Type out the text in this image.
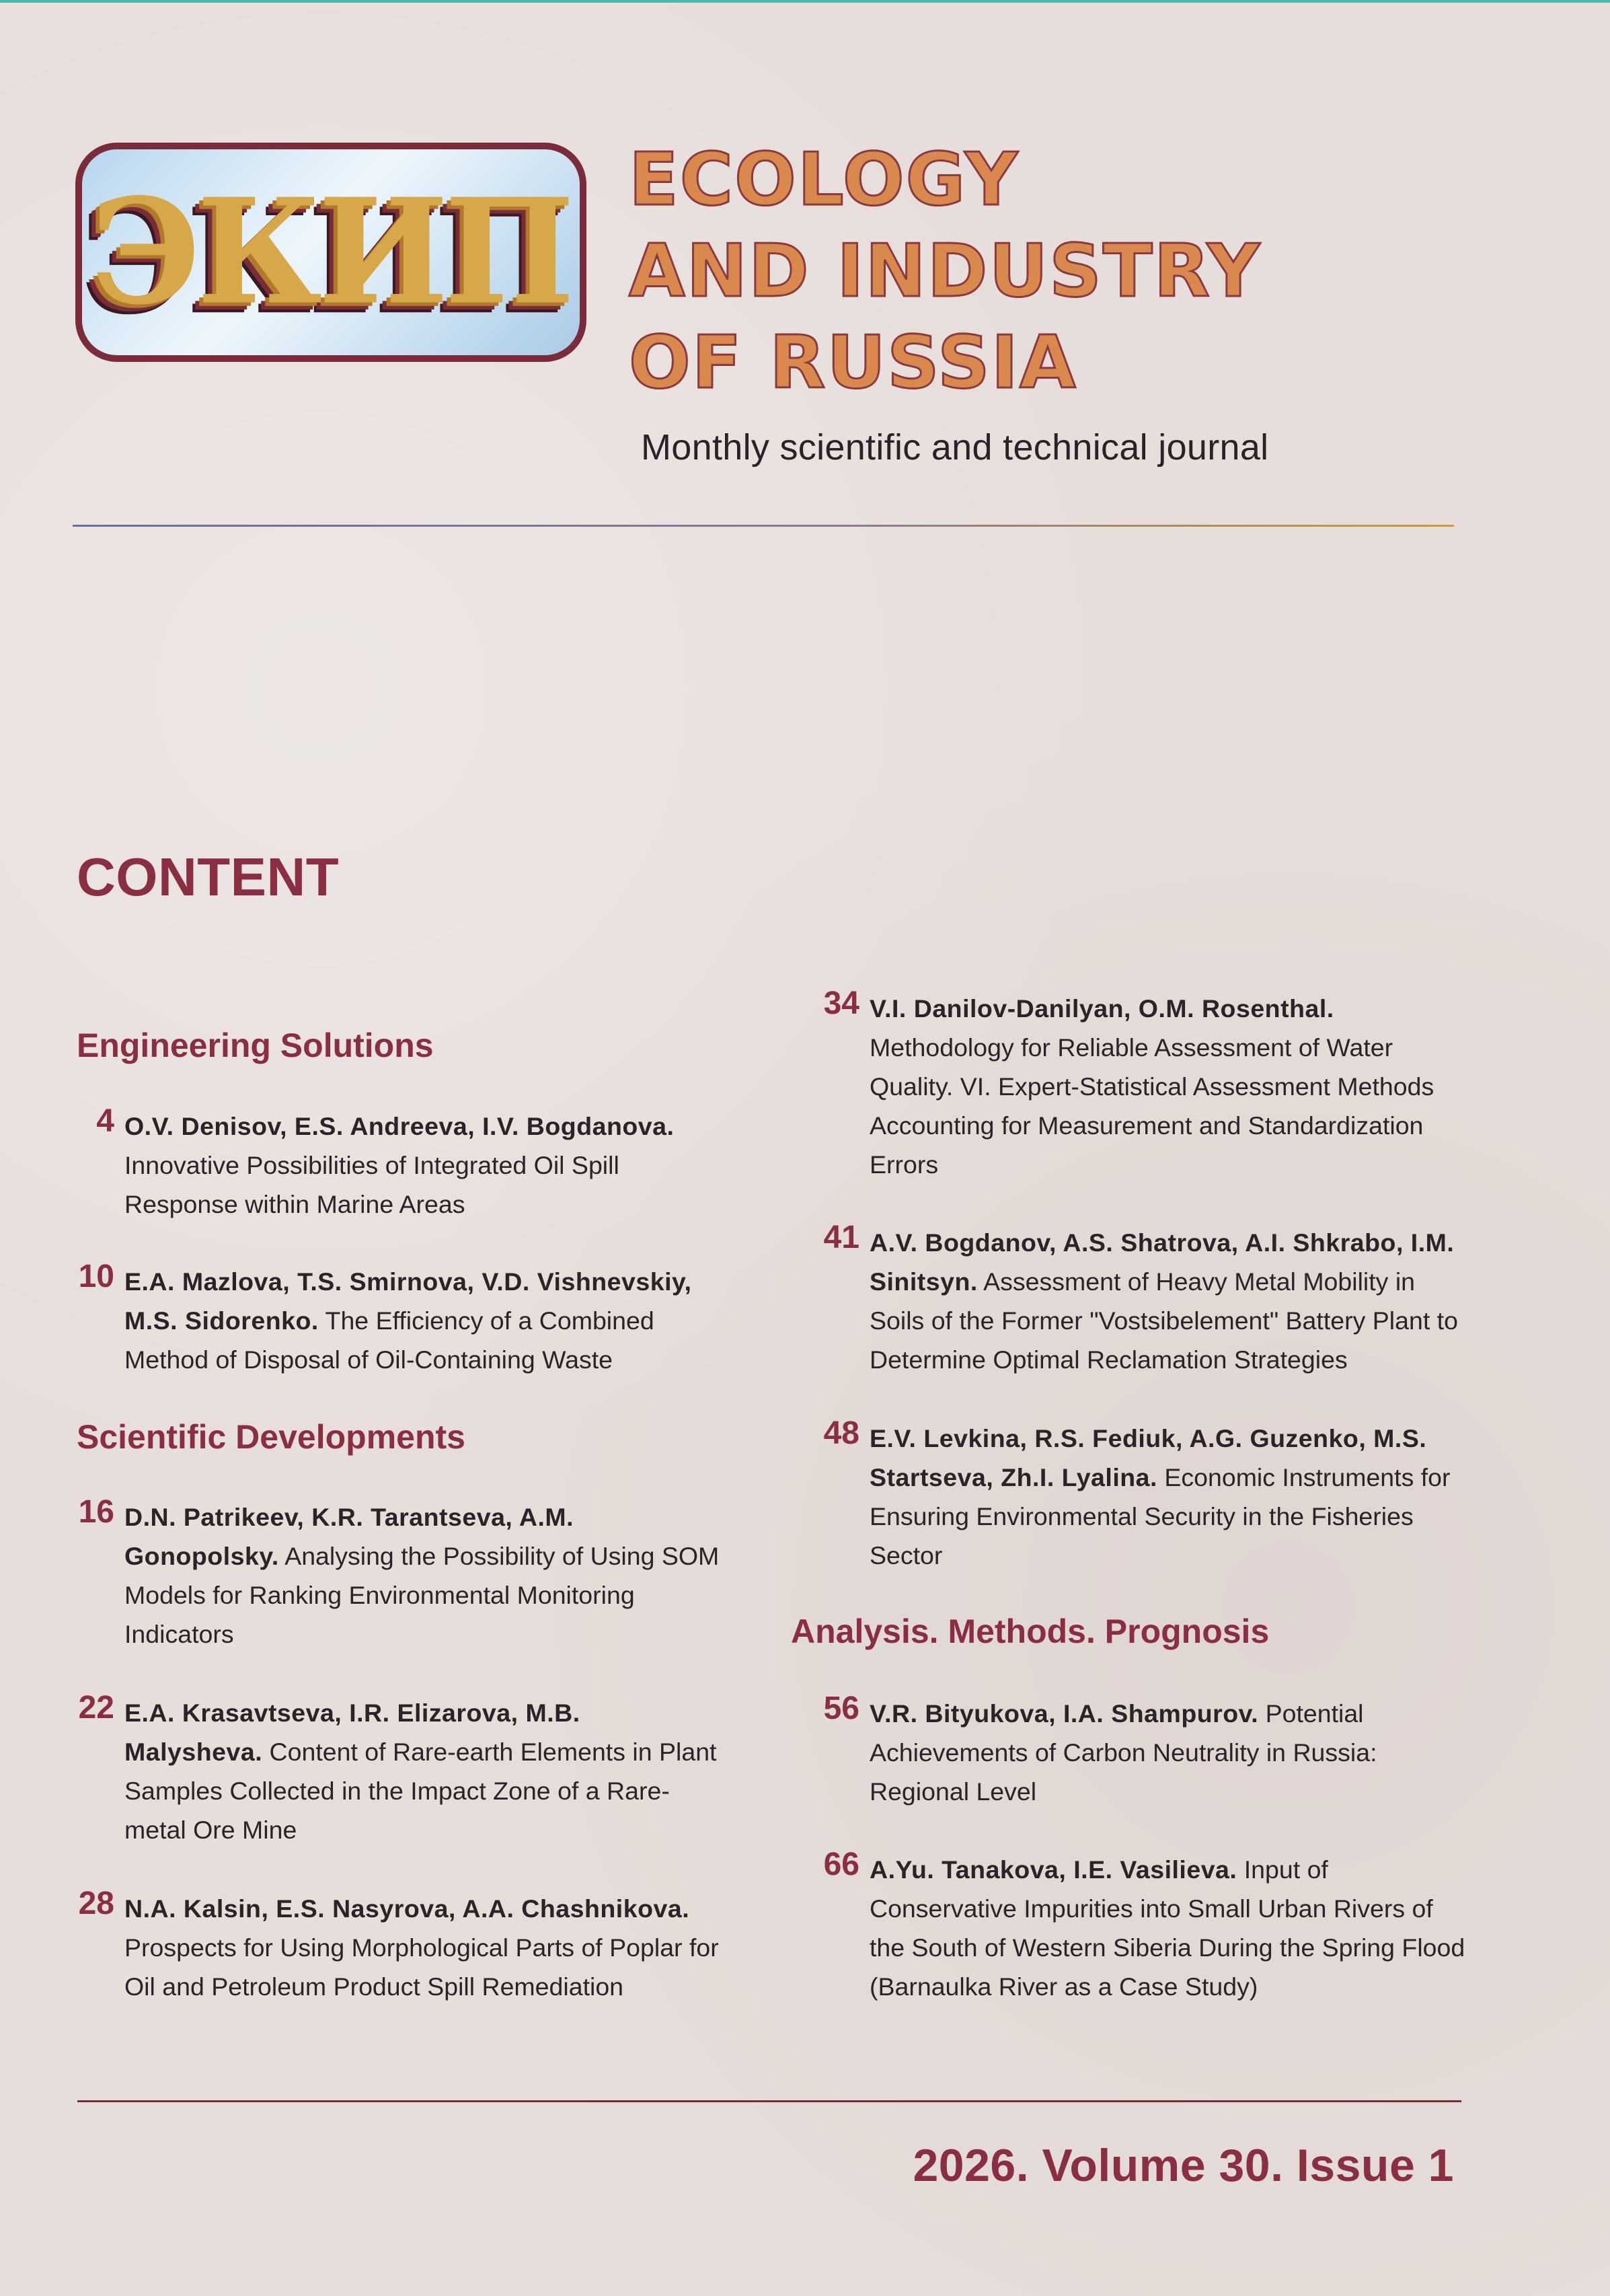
ЭКИП ECOLOGY
AND INDUSTRY
OF RUSSIA
Monthly scientific and technical journal
CONTENT
Engineering Solutions
4 O.V. Denisov, E.S. Andreeva, I.V. Bogdanova. Innovative Possibilities of Integrated Oil Spill Response within Marine Areas
10 E.A. Mazlova, T.S. Smirnova, V.D. Vishnevskiy, M.S. Sidorenko. The Efficiency of a Combined Method of Disposal of Oil-Containing Waste
Scientific Developments
16 D.N. Patrikeev, K.R. Tarantseva, A.M. Gonopolsky. Analysing the Possibility of Using SOM Models for Ranking Environmental Monitoring Indicators
22 E.A. Krasavtseva, I.R. Elizarova, M.B. Malysheva. Content of Rare-earth Elements in Plant Samples Collected in the Impact Zone of a Rare-metal Ore Mine
28 N.A. Kalsin, E.S. Nasyrova, A.A. Chashnikova. Prospects for Using Morphological Parts of Poplar for Oil and Petroleum Product Spill Remediation
34 V.I. Danilov-Danilyan, O.M. Rosenthal. Methodology for Reliable Assessment of Water Quality. VI. Expert-Statistical Assessment Methods Accounting for Measurement and Standardization Errors
41 A.V. Bogdanov, A.S. Shatrova, A.I. Shkrabo, I.M. Sinitsyn. Assessment of Heavy Metal Mobility in Soils of the Former "Vostsibelement" Battery Plant to Determine Optimal Reclamation Strategies
48 E.V. Levkina, R.S. Fediuk, A.G. Guzenko, M.S. Startseva, Zh.I. Lyalina. Economic Instruments for Ensuring Environmental Security in the Fisheries Sector
Analysis. Methods. Prognosis
56 V.R. Bityukova, I.A. Shampurov. Potential Achievements of Carbon Neutrality in Russia: Regional Level
66 A.Yu. Tanakova, I.E. Vasilieva. Input of Conservative Impurities into Small Urban Rivers of the South of Western Siberia During the Spring Flood (Barnaulka River as a Case Study)
2026. Volume 30. Issue 1
